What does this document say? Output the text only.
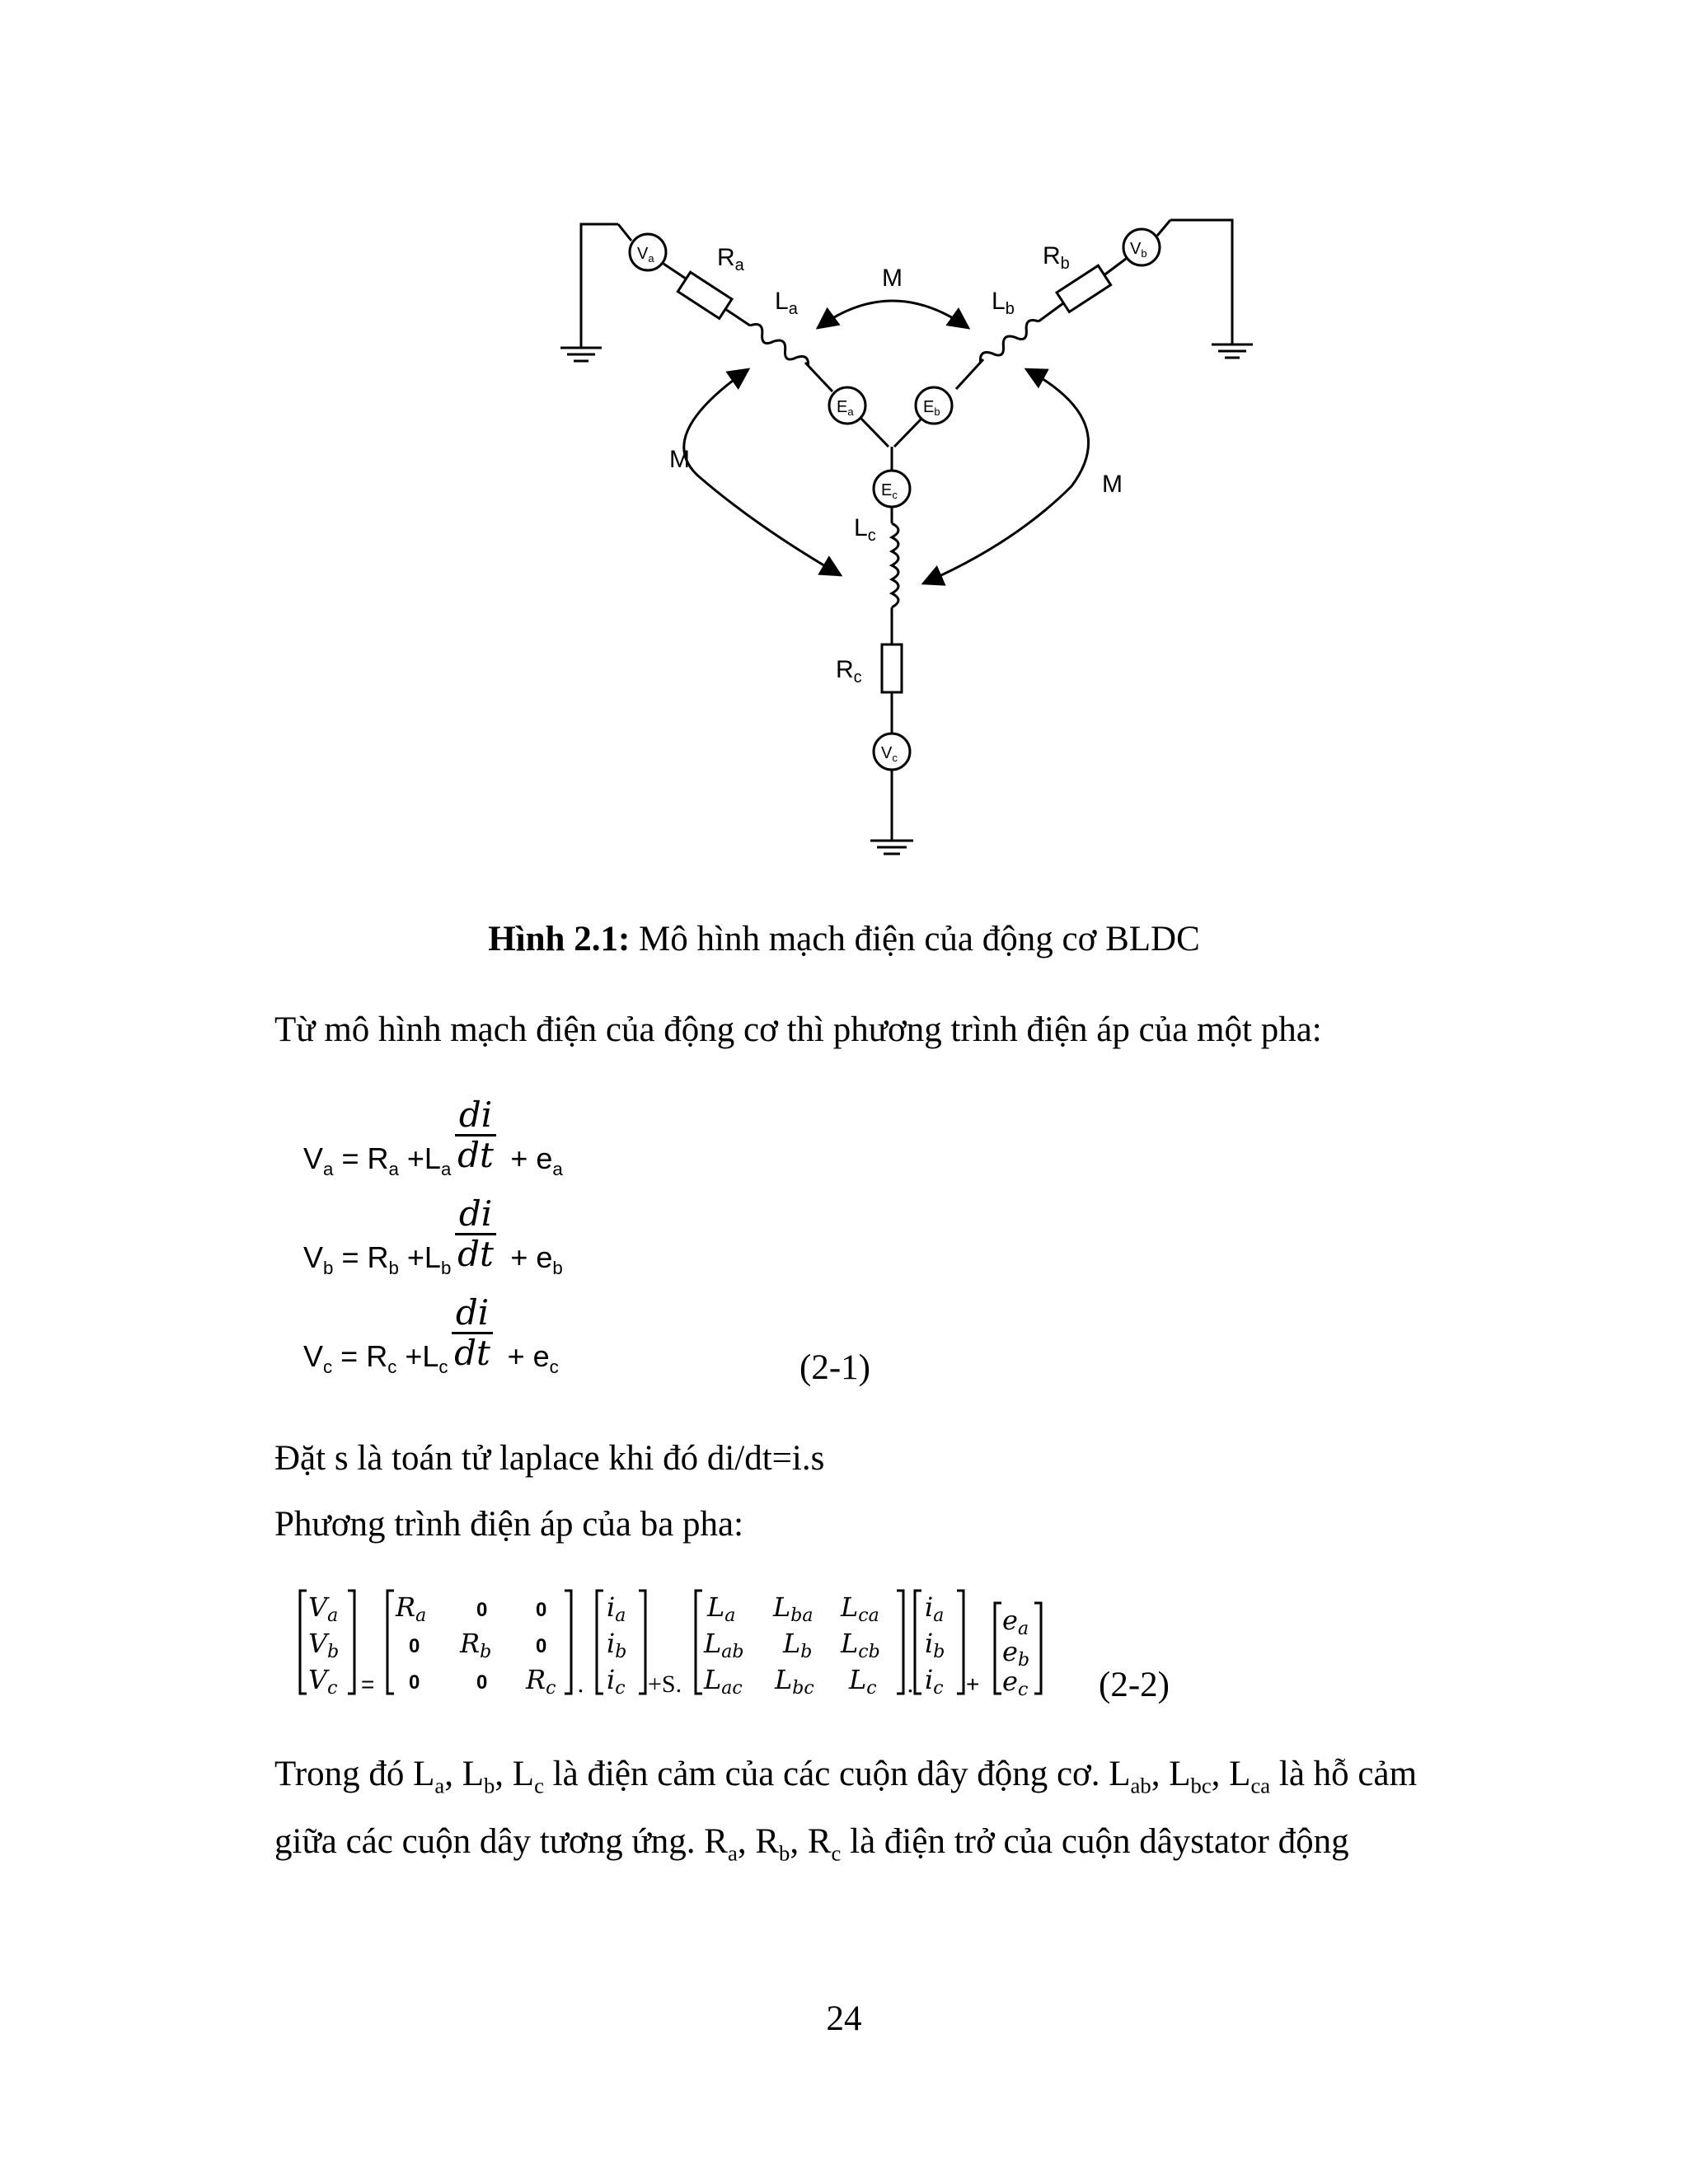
$V_a$
$V_b$
$V_c$
$E_a$	$E_b$
$E_c$
$R_a$	$R_b$
$R_c$
$L_a$	$L_b$
$L_c$
M
M
M
Hình 2.1: Mô hình mạch điện của động cơ BLDC
Từ mô hình mạch điện của động cơ thì phương trình điện áp của một pha:
$V_a = R_a +L_a + e_a$
$\frac{di}{dt}$
$V_b = R_b +L_b + e_b$
$\frac{di}{dt}$
$V_c = R_c +L_c + e_c$
$\frac{di}{dt}$	(2-1)
Đặt s là toán tử laplace khi đó di/dt=i.s
Phương trình điện áp của ba pha:
Va
Vb
Vc =
Ra	0 0
0 Rb 0
0	0 Rc .
ia
ib
ic +S.
La Lba Lca
Lab Lb Lcb
Lac Lbc Lc .
ia
ib
ic +
ea
eb
ec (2-2)
Trong đó $L_a$, $L_b$, $L_c$ là điện cảm của các cuộn dây động cơ. $L_{ab}$, $L_{bc}$, $L_{ca}$ là hỗ cảm
giữa các cuộn dây tương ứng. $R_a$, $R_b$, $R_c$ là điện trở của cuộn dâystator động
24
